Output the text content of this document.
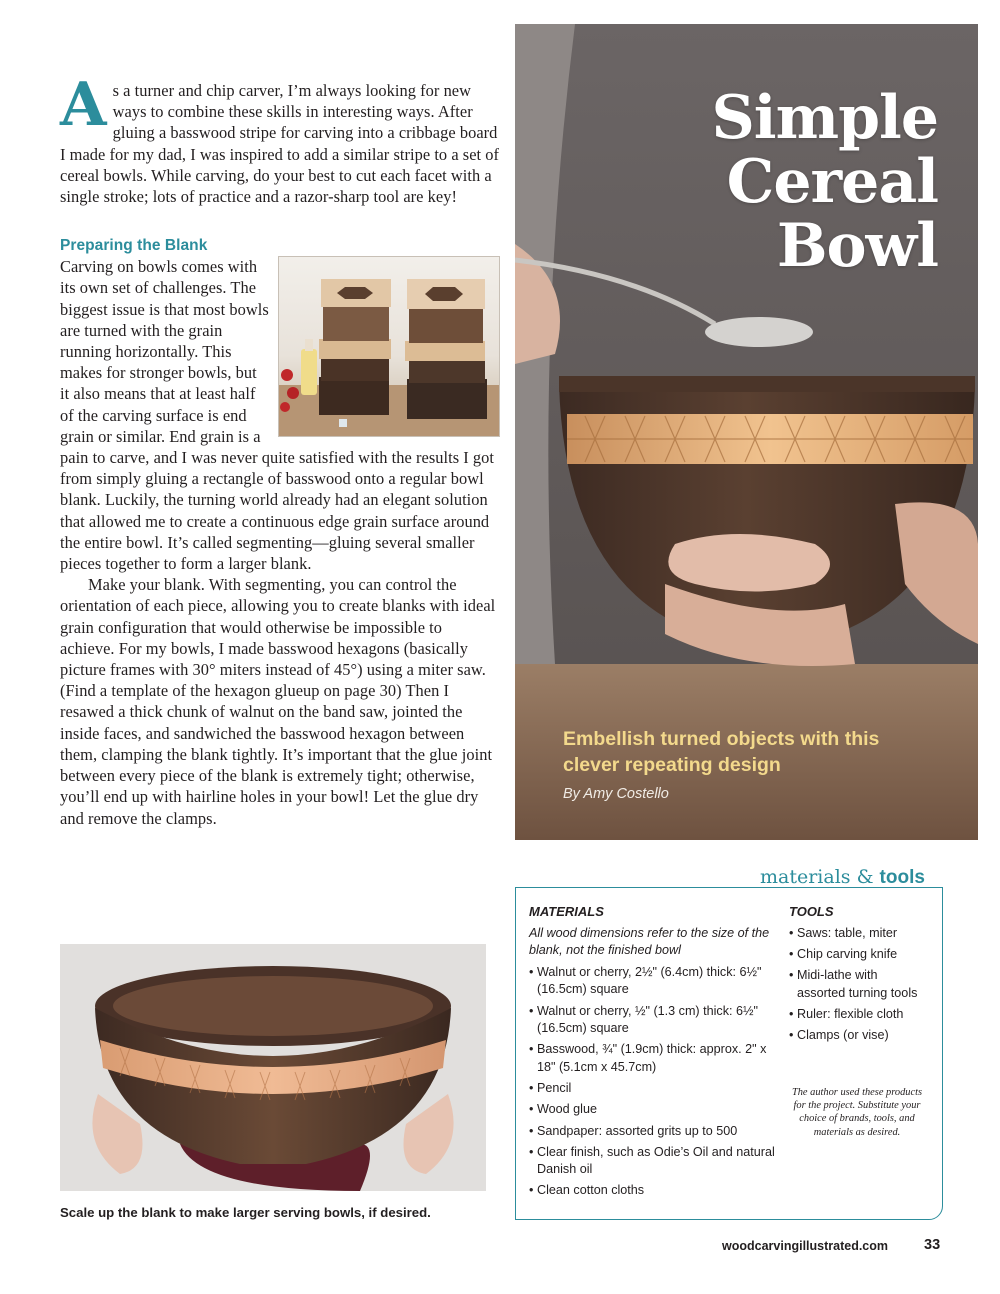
As a turner and chip carver, I’m always looking for new ways to combine these skills in interesting ways. After gluing a basswood stripe for carving into a cribbage board I made for my dad, I was inspired to add a similar stripe to a set of cereal bowls. While carving, do your best to cut each facet with a single stroke; lots of practice and a razor-sharp tool are key!

Preparing the Blank

Carving on bowls comes with its own set of challenges. The biggest issue is that most bowls are turned with the grain running horizontally. This makes for stronger bowls, but it also means that at least half of the carving surface is end grain or similar. End grain is a pain to carve, and I was never quite satisfied with the results I got from simply gluing a rectangle of basswood onto a regular bowl blank. Luckily, the turning world already had an elegant solution that allowed me to create a continuous edge grain surface around the entire bowl. It’s called segmenting—gluing several smaller pieces together to form a larger blank.

Make your blank. With segmenting, you can control the orientation of each piece, allowing you to create blanks with ideal grain configuration that would otherwise be impossible to achieve. For my bowls, I made basswood hexagons (basically picture frames with 30° miters instead of 45°) using a miter saw. (Find a template of the hexagon glueup on page 30) Then I resawed a thick chunk of walnut on the band saw, jointed the inside faces, and sandwiched the basswood hexagon between them, clamping the blank tightly. It’s important that the glue joint between every piece of the blank is extremely tight; otherwise, you’ll end up with hairline holes in your bowl! Let the glue dry and remove the clamps.

Simple
Cereal
Bowl
Embellish turned objects with this clever repeating design
By Amy Costello
Scale up the blank to make larger serving bowls, if desired.
materials & tools
MATERIALS
All wood dimensions refer to the size of the blank, not the finished bowl
• Walnut or cherry, 2½" (6.4cm) thick: 6½" (16.5cm) square
• Walnut or cherry, ½" (1.3 cm) thick: 6½" (16.5cm) square
• Basswood, ¾" (1.9cm) thick: approx. 2" x 18" (5.1cm x 45.7cm)
• Pencil
• Wood glue
• Sandpaper: assorted grits up to 500
• Clear finish, such as Odie’s Oil and natural Danish oil
• Clean cotton cloths
TOOLS
• Saws: table, miter
• Chip carving knife
• Midi-lathe with assorted turning tools
• Ruler: flexible cloth
• Clamps (or vise)
The author used these products for the project. Substitute your choice of brands, tools, and materials as desired.
woodcarvingillustrated.com 33
